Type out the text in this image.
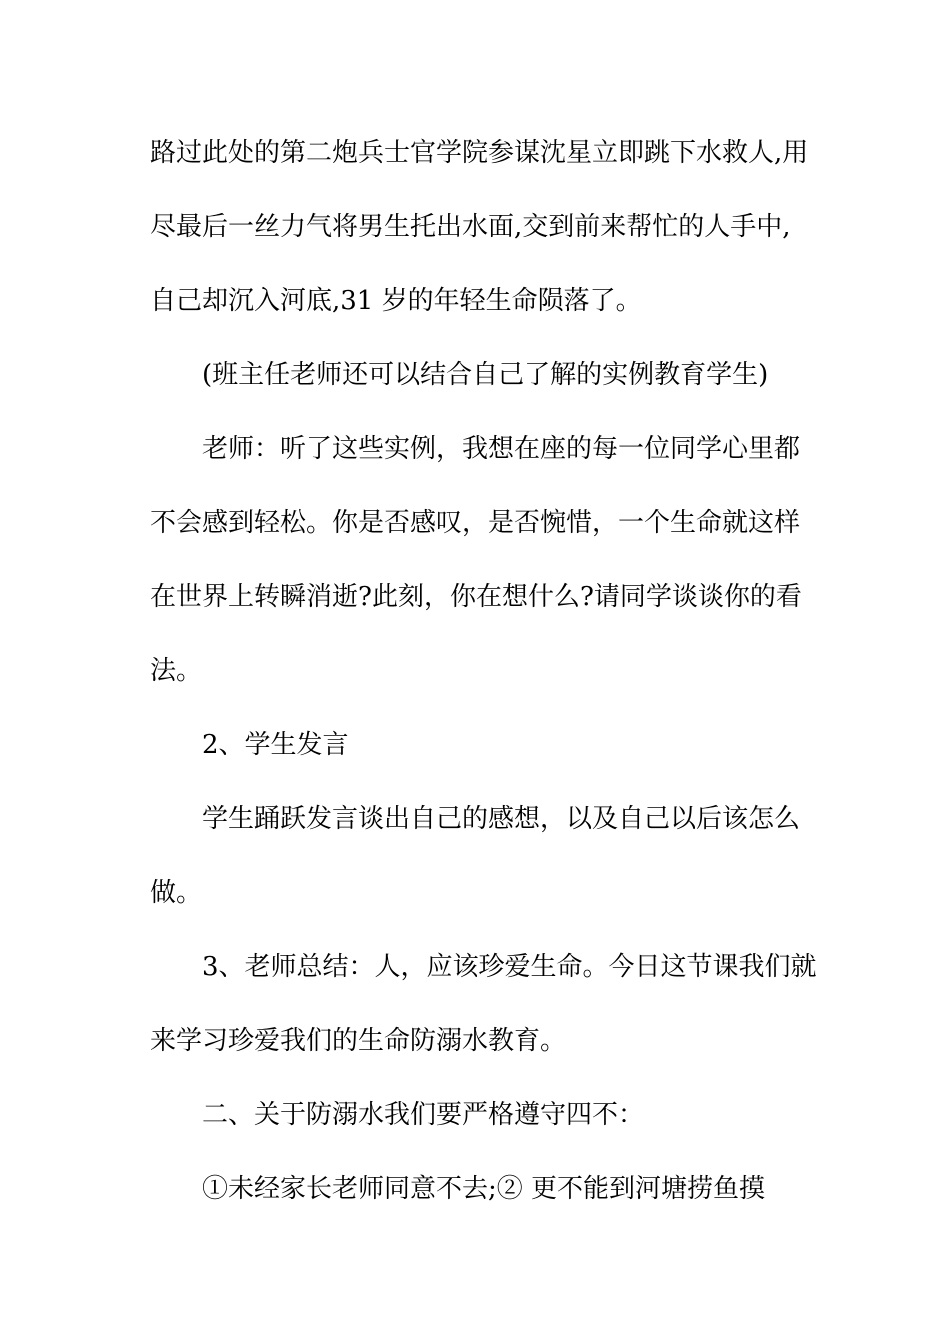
路过此处的第二炮兵士官学院参谋沈星立即跳下水救人,用
尽最后一丝力气将男生托出水面,交到前来帮忙的人手中,
自己却沉入河底,31 岁的年轻生命陨落了。
(班主任老师还可以结合自己了解的实例教育学生)
老师：听了这些实例，我想在座的每一位同学心里都
不会感到轻松。你是否感叹，是否惋惜，一个生命就这样
在世界上转瞬消逝?此刻，你在想什么?请同学谈谈你的看
法。
2、学生发言
学生踊跃发言谈出自己的感想，以及自己以后该怎么
做。
3、老师总结：人，应该珍爱生命。今日这节课我们就
来学习珍爱我们的生命防溺水教育。
二、关于防溺水我们要严格遵守四不：
①未经家长老师同意不去;② 更不能到河塘捞鱼摸
